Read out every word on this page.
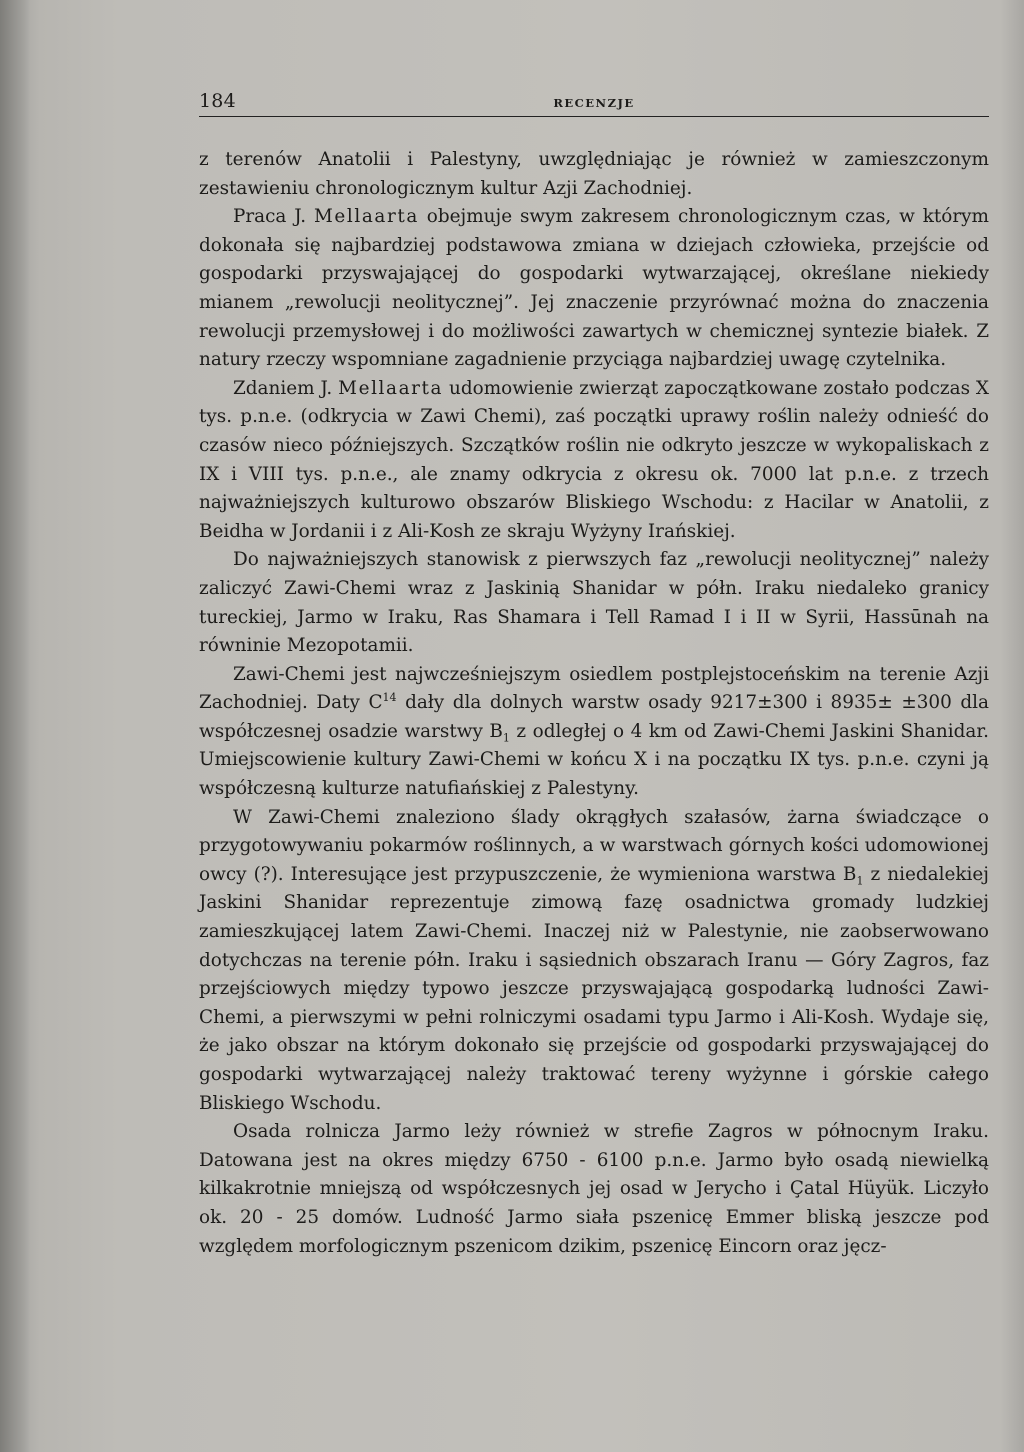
184	RECENZJE

z terenów Anatolii i Palestyny, uwzględniając je również w zamieszczonym zestawieniu chronologicznym kultur Azji Zachodniej.

Praca J. Mellaarta obejmuje swym zakresem chronologicznym czas, w którym dokonała się najbardziej podstawowa zmiana w dziejach człowieka, przejście od gospodarki przyswajającej do gospodarki wytwarzającej, określane niekiedy mianem „rewolucji neolitycznej”. Jej znaczenie przyrównać można do znaczenia rewolucji przemysłowej i do możliwości zawartych w chemicznej syntezie białek. Z natury rzeczy wspomniane zagadnienie przyciąga najbardziej uwagę czytelnika.

Zdaniem J. Mellaarta udomowienie zwierząt zapoczątkowane zostało podczas X tys. p.n.e. (odkrycia w Zawi Chemi), zaś początki uprawy roślin należy odnieść do czasów nieco późniejszych. Szczątków roślin nie odkryto jeszcze w wykopaliskach z IX i VIII tys. p.n.e., ale znamy odkrycia z okresu ok. 7000 lat p.n.e. z trzech najważniejszych kulturowo obszarów Bliskiego Wschodu: z Hacilar w Anatolii, z Beidha w Jordanii i z Ali-Kosh ze skraju Wyżyny Irańskiej.

Do najważniejszych stanowisk z pierwszych faz „rewolucji neolitycznej” należy zaliczyć Zawi-Chemi wraz z Jaskinią Shanidar w półn. Iraku niedaleko granicy tureckiej, Jarmo w Iraku, Ras Shamara i Tell Ramad I i II w Syrii, Hassūnah na równinie Mezopotamii.

Zawi-Chemi jest najwcześniejszym osiedlem postplejstoceńskim na terenie Azji Zachodniej. Daty $C^{14}$ dały dla dolnych warstw osady 9217±300 i 8935± ±300 dla współczesnej osadzie warstwy $B_1$ z odległej o 4 km od Zawi-Chemi Jaskini Shanidar. Umiejscowienie kultury Zawi-Chemi w końcu X i na początku IX tys. p.n.e. czyni ją współczesną kulturze natufiańskiej z Palestyny.

W Zawi-Chemi znaleziono ślady okrągłych szałasów, żarna świadczące o przygotowywaniu pokarmów roślinnych, a w warstwach górnych kości udomowionej owcy (?). Interesujące jest przypuszczenie, że wymieniona warstwa $B_1$ z niedalekiej Jaskini Shanidar reprezentuje zimową fazę osadnictwa gromady ludzkiej zamieszkującej latem Zawi-Chemi. Inaczej niż w Palestynie, nie zaobserwowano dotychczas na terenie półn. Iraku i sąsiednich obszarach Iranu — Góry Zagros, faz przejściowych między typowo jeszcze przyswajającą gospodarką ludności Zawi-Chemi, a pierwszymi w pełni rolniczymi osadami typu Jarmo i Ali-Kosh. Wydaje się, że jako obszar na którym dokonało się przejście od gospodarki przyswajającej do gospodarki wytwarzającej należy traktować tereny wyżynne i górskie całego Bliskiego Wschodu.

Osada rolnicza Jarmo leży również w strefie Zagros w północnym Iraku. Datowana jest na okres między 6750 - 6100 p.n.e. Jarmo było osadą niewielką kilkakrotnie mniejszą od współczesnych jej osad w Jerycho i Çatal Hüyük. Liczyło ok. 20 - 25 domów. Ludność Jarmo siała pszenicę Emmer bliską jeszcze pod względem morfologicznym pszenicom dzikim, pszenicę Eincorn oraz jęcz-
